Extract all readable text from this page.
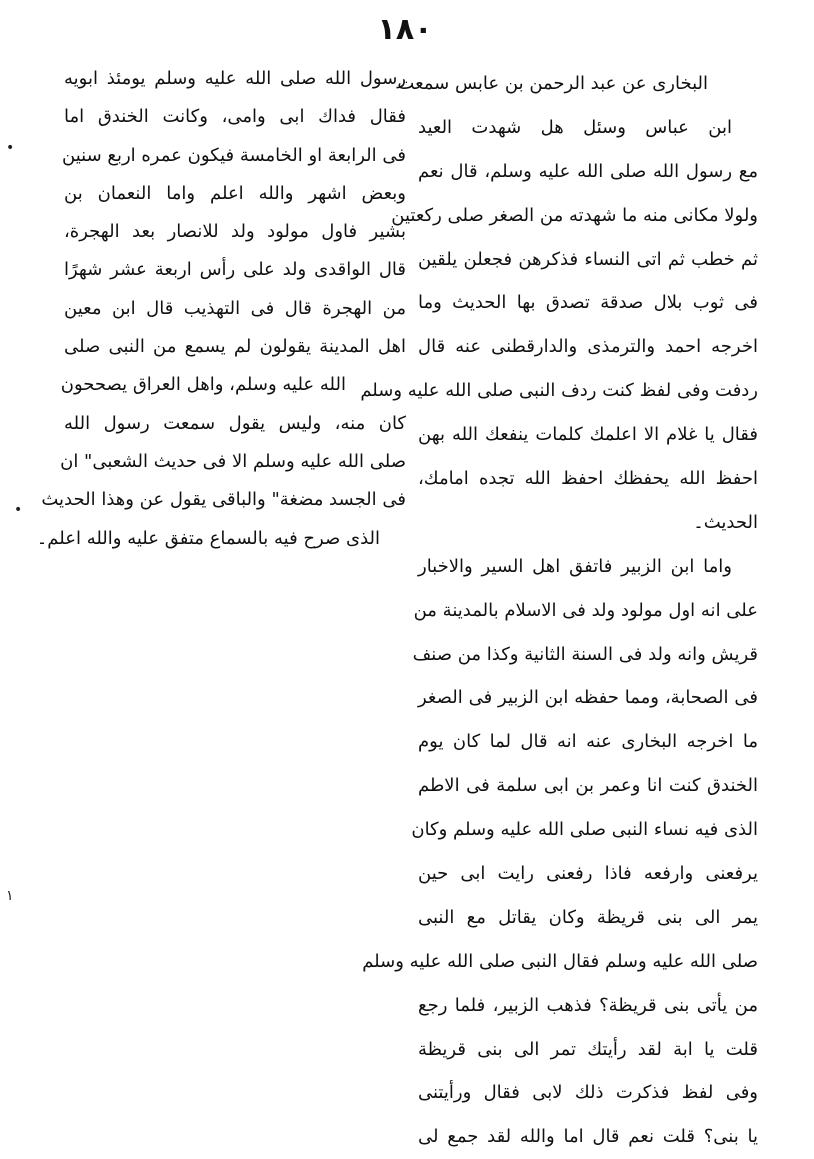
١٨٠
البخارى عن عبد الرحمن بن عابس سمعت
ابن عباس وسئل هل شهدت العيد
مع رسول الله صلى الله عليه وسلم، قال نعم
ولولا مكانى منه ما شهدته من الصغر صلى ركعتين
ثم خطب ثم اتى النساء فذكرهن فجعلن يلقين
فى ثوب بلال صدقة تصدق بها الحديث وما
اخرجه احمد والترمذى والدارقطنى عنه قال
ردفت وفى لفظ كنت ردف النبى صلى الله عليه وسلم
فقال يا غلام الا اعلمك كلمات ينفعك الله بهن
احفظ الله يحفظك احفظ الله تجده امامك،
الحديث۔
واما ابن الزبير فاتفق اهل السير والاخبار
على انه اول مولود ولد فى الاسلام بالمدينة من
قريش وانه ولد فى السنة الثانية وكذا من صنف
فى الصحابة، ومما حفظه ابن الزبير فى الصغر
ما اخرجه البخارى عنه انه قال لما كان يوم
الخندق كنت انا وعمر بن ابى سلمة فى الاطم
الذى فيه نساء النبى صلى الله عليه وسلم وكان
يرفعنى وارفعه فاذا رفعنى رايت ابى حين
يمر الى بنى قريظة وكان يقاتل مع النبى
صلى الله عليه وسلم فقال النبى صلى الله عليه وسلم
من يأتى بنى قريظة؟ فذهب الزبير، فلما رجع
قلت يا ابة لقد رأيتك تمر الى بنى قريظة
وفى لفظ فذكرت ذلك لابى فقال ورأيتنى
يا بنى؟ قلت نعم قال اما والله لقد جمع لى
رسول الله صلى الله عليه وسلم يومئذ ابويه
فقال فداك ابى وامى، وكانت الخندق اما
فى الرابعة او الخامسة فيكون عمره اربع سنين
وبعض اشهر والله اعلم واما النعمان بن
بشير فاول مولود ولد للانصار بعد الهجرة،
قال الواقدى ولد على رأس اربعة عشر شهرًا
من الهجرة قال فى التهذيب قال ابن معين
اهل المدينة يقولون لم يسمع من النبى صلى
الله عليه وسلم، واهل العراق يصححون
كان منه، وليس يقول سمعت رسول الله
صلى الله عليه وسلم الا فى حديث الشعبى" ان
فى الجسد مضغة" والباقى يقول عن وهذا الحديث
الذى صرح فيه بالسماع متفق عليه والله اعلم۔
•
•
١
